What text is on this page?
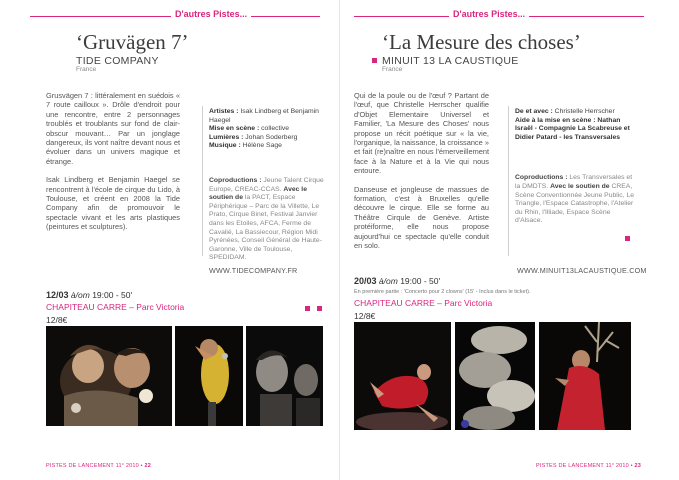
D'autres Pistes...
‘Gruvägen 7’
TIDE COMPANY
France

Grusvägen 7 : littéralement en suédois « 7 route cailloux ». Drôle d'endroit pour une rencontre, entre 2 personnages troublés et troublants sur fond de clair-obscur mouvant… Par un jonglage dangereux, ils vont naître devant nous et évoluer dans un univers magique et étrange.

Isak Lindberg et Benjamin Haegel se rencontrent à l'école de cirque du Lido, à Toulouse, et créent en 2008 la Tide Company afin de promouvoir le spectacle vivant et les arts plastiques (peintures et sculptures).

Artistes : Isak Lindberg et Benjamin Haegel
Mise en scène : collective
Lumières : Johan Soderberg
Musique : Hélène Sage
Coproductions : Jeune Talent Cirque Europe, CREAC-CCAS. Avec le soutien de la PACT, Espace Périphérique – Parc de la Villette, Le Prato, Cirque Binet, Festival Janvier dans les Etoiles, AFCA, Ferme de Cavalié, La Bassiecour, Région Midi Pyrénées, Conseil Général de Haute-Garonne, Ville de Toulouse, SPEDIDAM.
WWW.TIDECOMPANY.FR
12/03 à/om 19:00 - 50'
CHAPITEAU CARRE – Parc Victoria
12/8€
PISTES DE LANCEMENT 11° 2010 • 22
D'autres Pistes...
‘La Mesure des choses’
MINUIT 13 LA CAUSTIQUE
France

Qui de la poule ou de l'œuf ? Partant de l'œuf, que Christelle Herrscher qualifie d'Objet Elementaire Universel et Familier, 'La Mesure des Choses' nous propose un récit poétique sur « la vie, l'organique, la naissance, la croissance » et fait (re)naître en nous l'émerveillement face à la Nature et à la Vie qui nous entoure.

Danseuse et jongleuse de massues de formation, c'est à Bruxelles qu'elle découvre le cirque. Elle se forme au Théâtre Cirqule de Genève. Artiste protéiforme, elle nous propose aujourd'hui ce spectacle qu'elle conduit en solo.

De et avec : Christelle Herrscher
Aide à la mise en scène : Nathan Israël - Compagnie La Scabreuse et Didier Patard - les Transversales
Coproductions : Les Transversales et la DMDTS. Avec le soutien de CREA, Scène Conventionnée Jeune Public, Le Triangle, l'Espace Catastrophe, l'Atelier du Rhin, l'Illiade, Espace Scène d'Alsace.
WWW.MINUIT13LACAUSTIQUE.COM
20/03 à/om 19:00 - 50'
En première partie : 'Concerto pour 2 clowns' (15' - Inclus dans le ticket).
CHAPITEAU CARRE – Parc Victoria
12/8€
PISTES DE LANCEMENT 11° 2010 • 23
